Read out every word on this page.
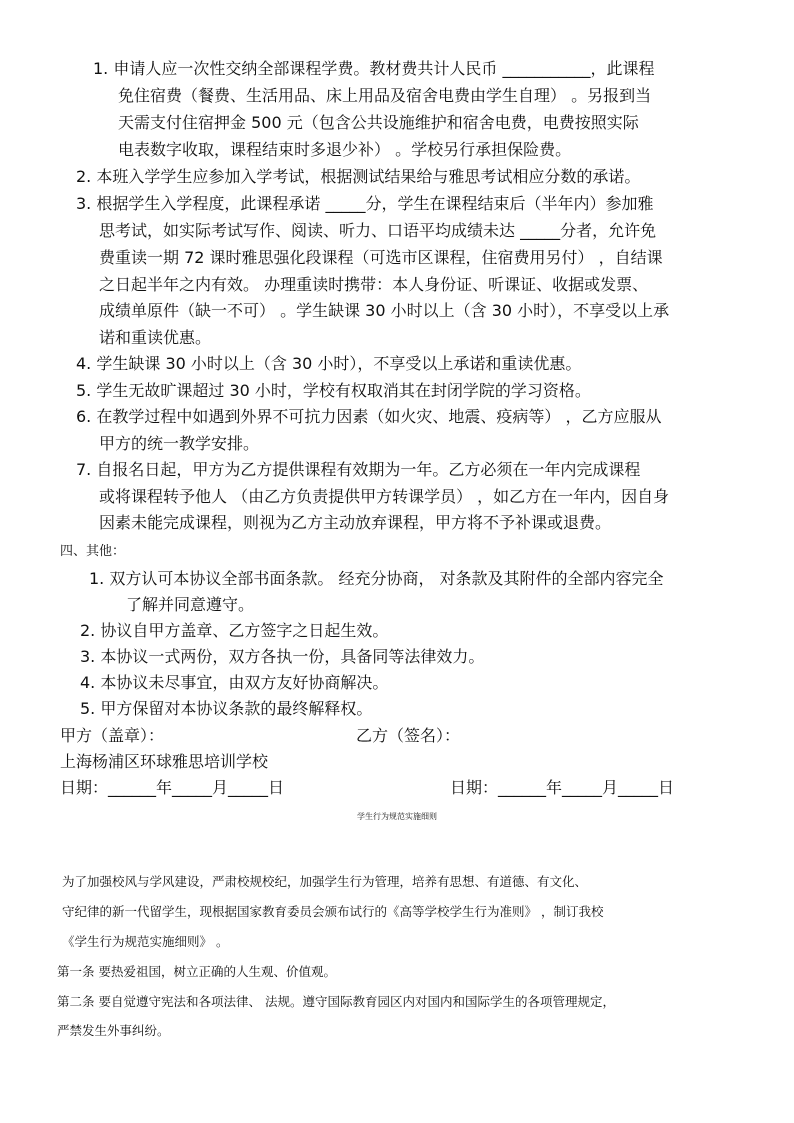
1. 申请人应一次性交纳全部课程学费。教材费共计人民币 ___________，此课程
免住宿费（餐费、生活用品、床上用品及宿舍电费由学生自理） 。另报到当
天需支付住宿押金 500 元（包含公共设施维护和宿舍电费，电费按照实际
电表数字收取，课程结束时多退少补） 。学校另行承担保险费。
2. 本班入学学生应参加入学考试，根据测试结果给与雅思考试相应分数的承诺。
3. 根据学生入学程度，此课程承诺 _____分，学生在课程结束后（半年内）参加雅
思考试，如实际考试写作、阅读、听力、口语平均成绩未达 _____分者，允许免
费重读一期 72 课时雅思强化段课程（可选市区课程，住宿费用另付） ，自结课
之日起半年之内有效。 办理重读时携带：本人身份证、听课证、收据或发票、
成绩单原件（缺一不可） 。学生缺课 30 小时以上（含 30 小时），不享受以上承
诺和重读优惠。
4. 学生缺课 30 小时以上（含 30 小时），不享受以上承诺和重读优惠。
5. 学生无故旷课超过 30 小时，学校有权取消其在封闭学院的学习资格。
6. 在教学过程中如遇到外界不可抗力因素（如火灾、地震、疫病等） ，乙方应服从
甲方的统一教学安排。
7. 自报名日起，甲方为乙方提供课程有效期为一年。乙方必须在一年内完成课程
或将课程转予他人 （由乙方负责提供甲方转课学员） ，如乙方在一年内，因自身
因素未能完成课程，则视为乙方主动放弃课程，甲方将不予补课或退费。
四、其他：
1. 双方认可本协议全部书面条款。 经充分协商， 对条款及其附件的全部内容完全
了解并同意遵守。
2. 协议自甲方盖章、乙方签字之日起生效。
3. 本协议一式两份，双方各执一份，具备同等法律效力。
4. 本协议未尽事宜，由双方友好协商解决。
5. 甲方保留对本协议条款的最终解释权。
甲方（盖章）：	乙方（签名）：
上海杨浦区环球雅思培训学校
日期：______年_____月_____日	日期：______年_____月_____日
学生行为规范实施细则
为了加强校风与学风建设，严肃校规校纪，加强学生行为管理，培养有思想、有道德、有文化、
守纪律的新一代留学生，现根据国家教育委员会颁布试行的《高等学校学生行为准则》 ，制订我校
《学生行为规范实施细则》 。
第一条 要热爱祖国，树立正确的人生观、价值观。
第二条 要自觉遵守宪法和各项法律、 法规。遵守国际教育园区内对国内和国际学生的各项管理规定，
严禁发生外事纠纷。
